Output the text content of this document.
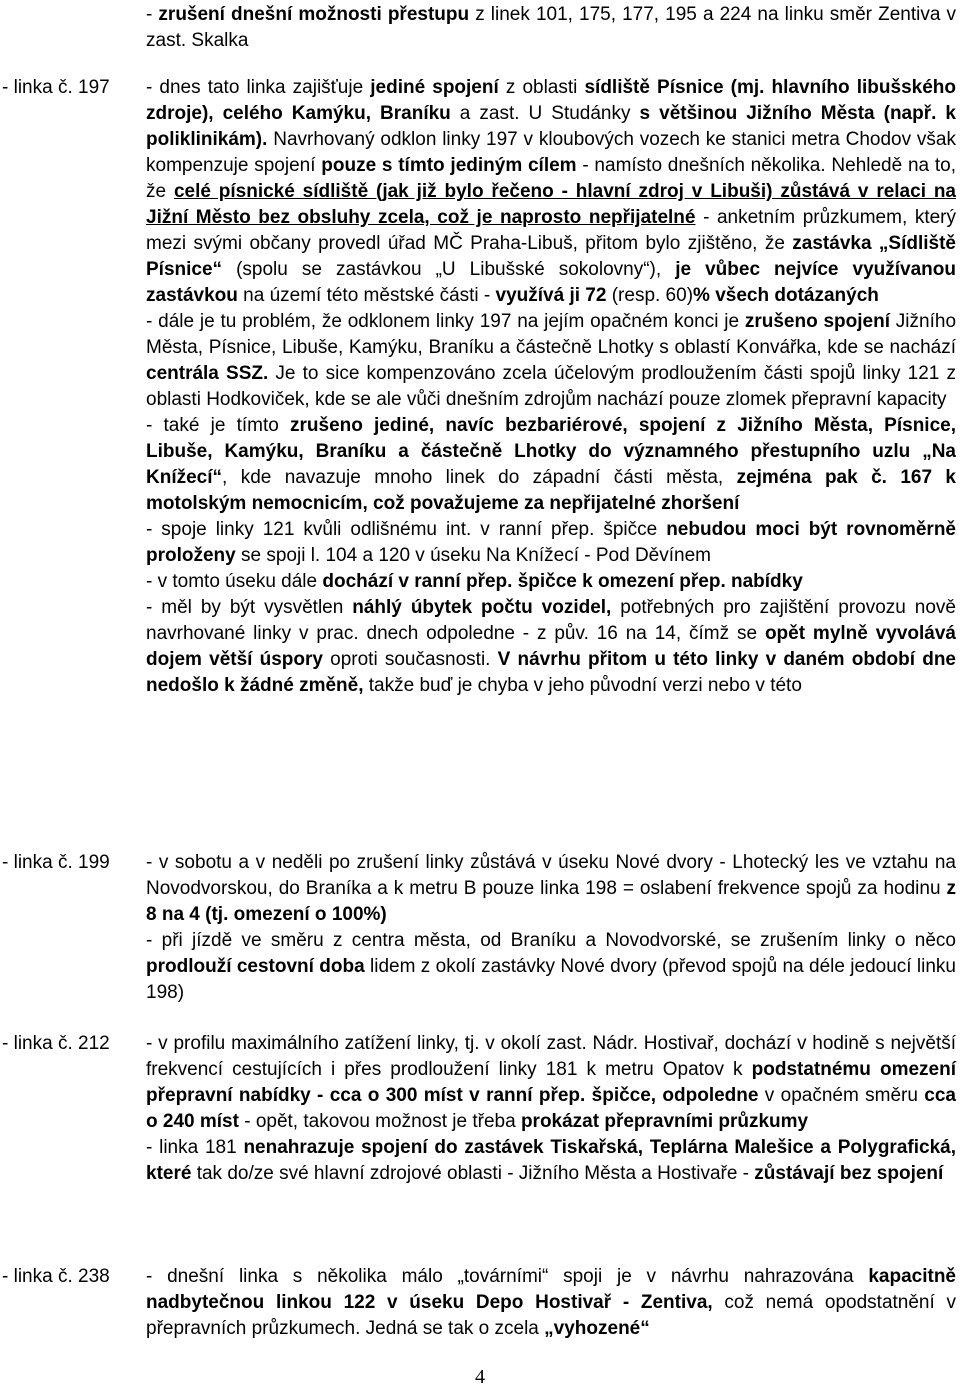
- zrušení dnešní možnosti přestupu z linek 101, 175, 177, 195 a 224 na linku směr Zentiva v zast. Skalka

- linka č. 197	- dnes tato linka zajišťuje jediné spojení z oblasti sídliště Písnice (mj. hlavního libušského zdroje), celého Kamýku, Braníku a zast. U Studánky s většinou Jižního Města (např. k poliklinikám). Navrhovaný odklon linky 197 v kloubových vozech ke stanici metra Chodov však kompenzuje spojení pouze s tímto jediným cílem - namísto dnešních několika. Nehledě na to, že celé písnické sídliště (jak již bylo řečeno - hlavní zdroj v Libuši) zůstává v relaci na Jižní Město bez obsluhy zcela, což je naprosto nepřijatelné - anketním průzkumem, který mezi svými občany provedl úřad MČ Praha-Libuš, přitom bylo zjištěno, že zastávka „Sídliště Písnice“ (spolu se zastávkou „U Libušské sokolovny“), je vůbec nejvíce využívanou zastávkou na území této městské části - využívá ji 72 (resp. 60)% všech dotázaných

- dále je tu problém, že odklonem linky 197 na jejím opačném konci je zrušeno spojení Jižního Města, Písnice, Libuše, Kamýku, Braníku a částečně Lhotky s oblastí Konvářka, kde se nachází centrála SSZ. Je to sice kompenzováno zcela účelovým prodloužením části spojů linky 121 z oblasti Hodkoviček, kde se ale vůči dnešním zdrojům nachází pouze zlomek přepravní kapacity

- také je tímto zrušeno jediné, navíc bezbariérové, spojení z Jižního Města, Písnice, Libuše, Kamýku, Braníku a částečně Lhotky do významného přestupního uzlu „Na Knížecí“, kde navazuje mnoho linek do západní části města, zejména pak č. 167 k motolským nemocnicím, což považujeme za nepřijatelné zhoršení

- spoje linky 121 kvůli odlišnému int. v ranní přep. špičce nebudou moci být rovnoměrně proloženy se spoji l. 104 a 120 v úseku Na Knížecí - Pod Děvínem

- v tomto úseku dále dochází v ranní přep. špičce k omezení přep. nabídky

- měl by být vysvětlen náhlý úbytek počtu vozidel, potřebných pro zajištění provozu nově navrhované linky v prac. dnech odpoledne - z pův. 16 na 14, čímž se opět mylně vyvolává dojem větší úspory oproti současnosti. V návrhu přitom u této linky v daném období dne nedošlo k žádné změně, takže buď je chyba v jeho původní verzi nebo v této

- linka č. 199	- v sobotu a v neděli po zrušení linky zůstává v úseku Nové dvory - Lhotecký les ve vztahu na Novodvorskou, do Braníka a k metru B pouze linka 198 = oslabení frekvence spojů za hodinu z 8 na 4 (tj. omezení o 100%)

- při jízdě ve směru z centra města, od Braníku a Novodvorské, se zrušením linky o něco prodlouží cestovní doba lidem z okolí zastávky Nové dvory (převod spojů na déle jedoucí linku 198)

- linka č. 212	- v profilu maximálního zatížení linky, tj. v okolí zast. Nádr. Hostivař, dochází v hodině s největší frekvencí cestujících i přes prodloužení linky 181 k metru Opatov k podstatnému omezení přepravní nabídky - cca o 300 míst v ranní přep. špičce, odpoledne v opačném směru cca o 240 míst - opět, takovou možnost je třeba prokázat přepravními průzkumy

- linka 181 nenahrazuje spojení do zastávek Tiskařská, Teplárna Malešice a Polygrafická, které tak do/ze své hlavní zdrojové oblasti - Jižního Města a Hostivaře - zůstávají bez spojení

- linka č. 238	- dnešní linka s několika málo „továrními“ spoji je v návrhu nahrazována kapacitně nadbytečnou linkou 122 v úseku Depo Hostivař - Zentiva, což nemá opodstatnění v přepravních průzkumech. Jedná se tak o zcela „vyhozené“

4
